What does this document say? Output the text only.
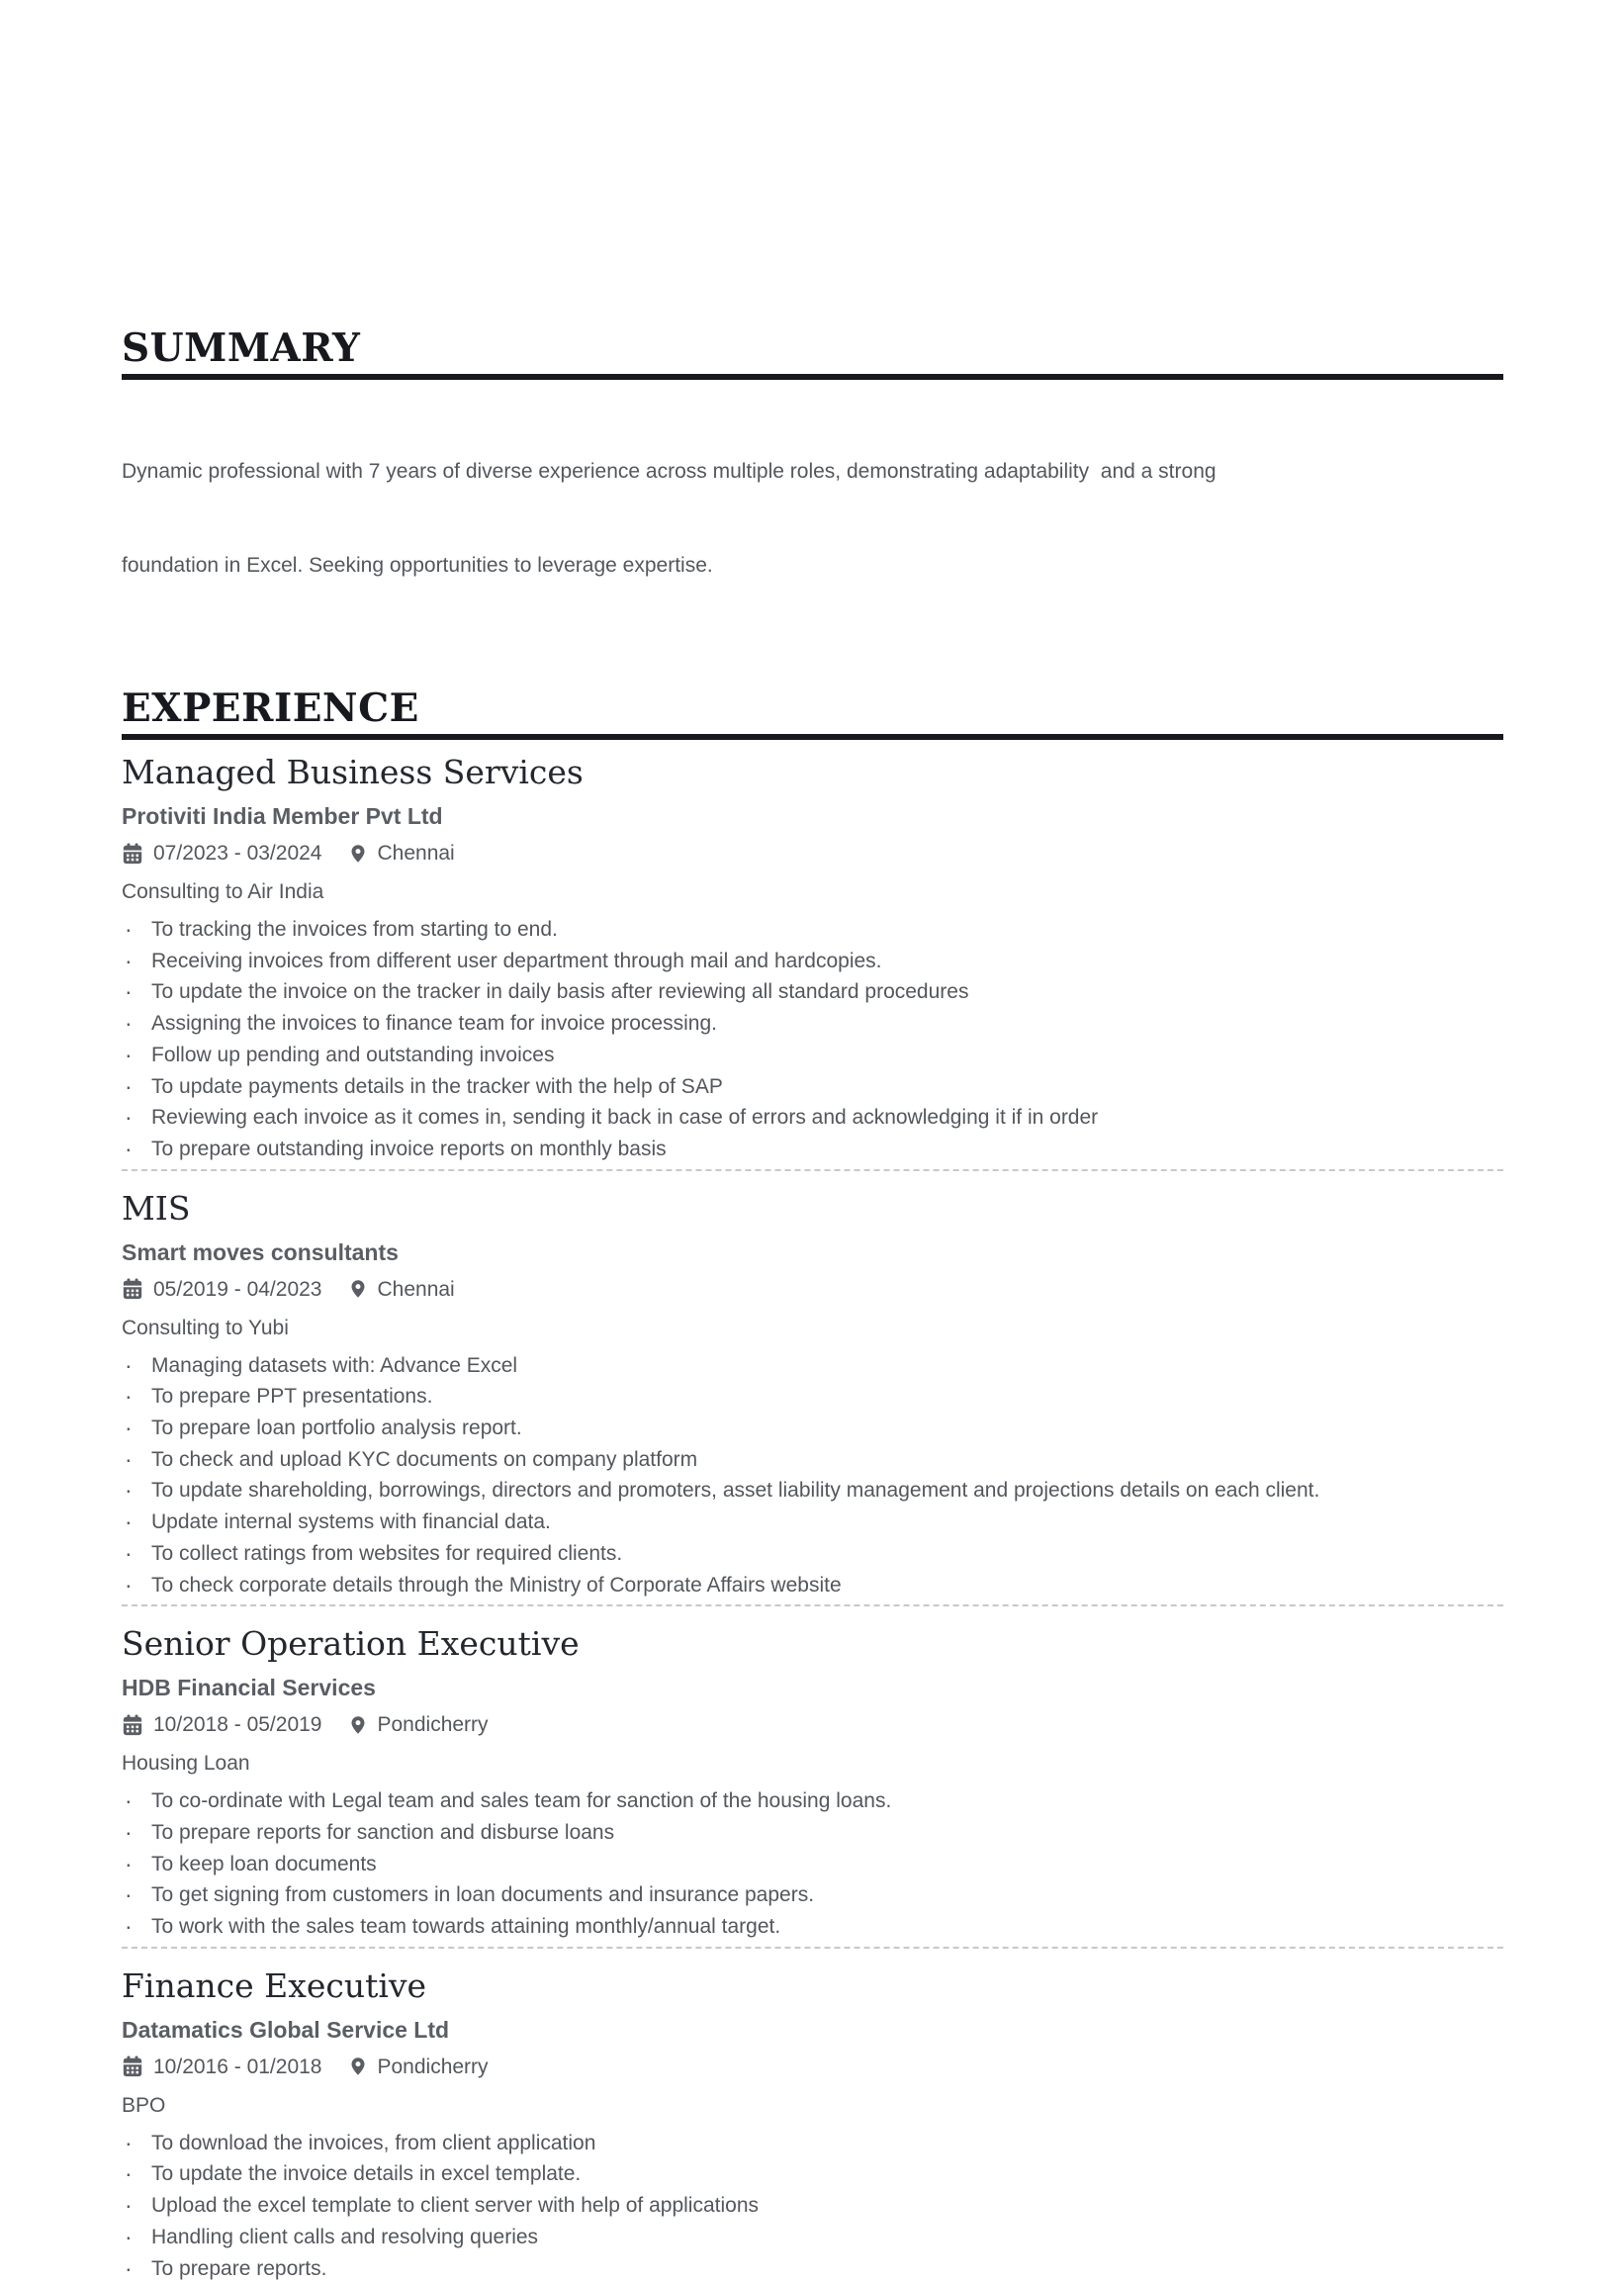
SUMMARY

Dynamic professional with 7 years of diverse experience across multiple roles, demonstrating adaptability  and a strong

foundation in Excel. Seeking opportunities to leverage expertise.

EXPERIENCE
Managed Business Services
Protiviti India Member Pvt Ltd
07/2023 - 03/2024	Chennai
Consulting to Air India
·
To tracking the invoices from starting to end.
·
Receiving invoices from different user department through mail and hardcopies.
·
To update the invoice on the tracker in daily basis after reviewing all standard procedures
·
Assigning the invoices to finance team for invoice processing.
·
Follow up pending and outstanding invoices
·
To update payments details in the tracker with the help of SAP
·
Reviewing each invoice as it comes in, sending it back in case of errors and acknowledging it if in order
·
To prepare outstanding invoice reports on monthly basis
MIS
Smart moves consultants
05/2019 - 04/2023	Chennai
Consulting to Yubi
·
Managing datasets with: Advance Excel
·
To prepare PPT presentations.
·
To prepare loan portfolio analysis report.
·
To check and upload KYC documents on company platform
·
To update shareholding, borrowings, directors and promoters, asset liability management and projections details on each client.
·
Update internal systems with financial data.
·
To collect ratings from websites for required clients.
·
To check corporate details through the Ministry of Corporate Affairs website
Senior Operation Executive
HDB Financial Services
10/2018 - 05/2019	Pondicherry
Housing Loan
·
To co-ordinate with Legal team and sales team for sanction of the housing loans.
·
To prepare reports for sanction and disburse loans
·
To keep loan documents
·
To get signing from customers in loan documents and insurance papers.
·
To work with the sales team towards attaining monthly/annual target.
Finance Executive
Datamatics Global Service Ltd
10/2016 - 01/2018	Pondicherry
BPO
·
To download the invoices, from client application
·
To update the invoice details in excel template.
·
Upload the excel template to client server with help of applications
·
Handling client calls and resolving queries
·
To prepare reports.
